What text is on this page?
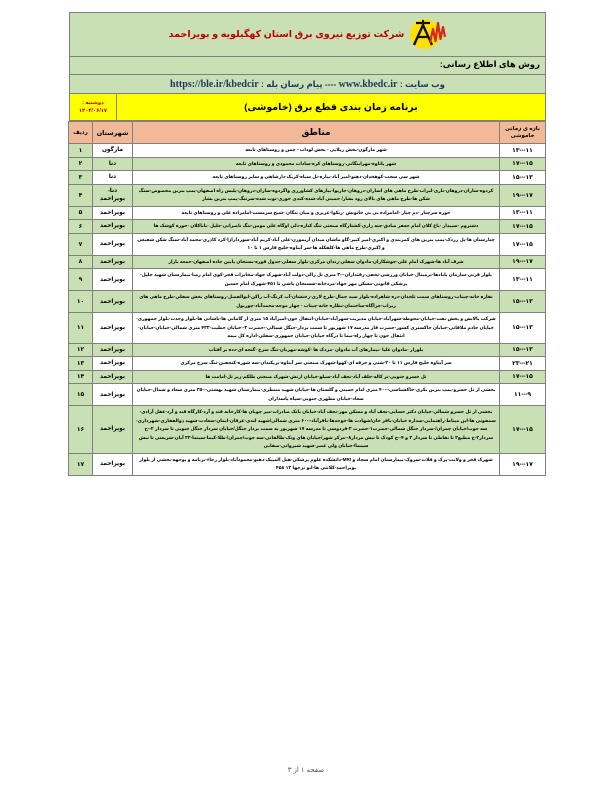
شرکت توزیع نیروی برق استان کهگیلویه و بویراحمد
روش های اطلاع رسانی:
وب سایت : www.kbedc.ir ---- پیام رسان بله : https://ble.ir/kbedcir
برنامه زمان بندی قطع برق (خاموشی)
دوشنبه :
۱۴۰۴/۰۶/۱۷
بازه ی زمانی خاموشی	مناطق	شهرستان	ردیف
۱۱---۱۳	شهر مارگون-بخش زیلایی - بخش لوداب - چمن و روستاهای تابعه	مارگون	۱
۱۵---۱۷	شهر پاتاوه-مهرابنگانی-روستاهای کره-سادات محمودی و روستاهای تابعه	دنا	۲
۱۳---۱۵	شهر سی سخت-کوهخدان-دهنو-امیر آباد-بیاره-تل سیاه-کریک-دارشاهی و سایر روستاهای تابعه	دنا	۳
۱۷---۱۹	کردوه-ساران-دروهان-ناری-لیراب-طرح ماهی های اساران-دروهان-جاریوا-بیازهای کشاورزی واگردوه-ساران-دروهان-پلیس راه اصفهان-پمپ بنزین مخصوص-سنگ شکن ها-طرح ماهی های بالای رود بشار/ خمینی آباد-شده-کندی خوری-نوت شده-سرتنگ-پمپ بنزین بشار	دنا- بویراحمد	۴
۱۱---۱۳	حوزه سرچنار -دم چنار -امامزاده بی بی خاتونش -زنکوا-عزیزی و میان تنگان -شیخ سرمست-امامزاده علی و روستاهای تابعه	بویراحمد	۵
۱۵---۱۷	دشتروم -سپیدار -باغ کلان امام جعفر صادق-چنه زاری-کشتارگاه صنعتی تنگ کناره-دلی اوگاه علی مومن-تنگ ناصرانی-جلیل -باباکلان -حوزه کوشک ها	بویراحمد	۶
۱۵---۱۷	چنارستان ها-پل زردک-پمپ بنزین های کمربندی و اکبری-امیر کبیر-گاو ماشان میدان آزیموزن-علی آباد-کریم آباد-سورداراژا-کرد کاذری-محمد آباد-سنگ شکن شفیعی و اکبری-طرح ماهی ها-کلفکله ها-سر آبتاوه-خلیج فارس ۱ تا ۱۰	بویراحمد	۷
۱۷---۱۹	شرف آباد ها-شهرک امام علی-جوشکاران-مادوان سفلی-زندان مرکزی-بلوار سفلی-جدول قوره-بستخان پایین جاده اصفهان-جمعه بازار	بویراحمد	۸
۱۱---۱۳	بلوار قرنی-سازمان بابادها-ترمینال-خیابان ورزشی-تخفی-رفتداران---۳ متری تل زالی-دولت آباد-شهرک جهاد-مخابرات فجر-کوی امام رضا-بیمارستان شهید جلیل-پزشکی قانونی-مسکن مهر جهاد-مردخانه-شستخان پاشی تا ۴۵۱-شهرک امام حسین	بویراحمد	۹
۱۳---۱۵	نقاره خانه-چیتاب-روستاهای سمت تلخدان-دره شاهزاده-بلوار سید جمال-طرح لاری-رختشان-آب کرنگ-آب راکن-ابوالفضل-روستاهای بخش سفلی-طرح ماهی های زیراب-چراگاه-ساختمان-نظاره خانه-چیتاب - چهار موجه-محمدآباد-چوریول	بویراحمد	۱۰
۱۳---۱۵	شرکت پالایش و پخش نفت-خیابان-محوطه-شهرآباد-خیابان مدیریت-شهرآباد-خیابان-انتقال خون-امیرآباد ۱۵ متری از گاماتی ها-تاشانی ها-بلوار وحدت-بلوار جمهوری-خیابان خادم ملاقاتی-خیابان خاکستری کشور-حضرت قاز مدرسه ۱۷ شهریور تا سمت بردار-جنگل شمالی--حضرت ۳--خیابان خطیب-۴۳۲ متری شمالی-خیابان-خیابان-انتقال خون تا چهار راه-نیما تا درگاه خیابان-خیابان جمهوری-سفلی-اداره کل بیمه	بویراحمد	۱۱
۱۳---۱۵	بلوزار -مادوان علیا -بیمارهای آب مادوان -مردک ها -کوشه-مهربان-تنگ سرخ -گنجه ای-دده بر آفتاب	بویراحمد	۱۲
۲۱---۲۳	سر آبتاوه خلیج فارس ۱۱ تا ۲۰-شنی و حرفه ای-کهوا-شهرک صنعتی سر آبتاوه-بریکندان-سه شوره-کنجفین-تنگ سرخ مرکزی	بویراحمد	۱۳
۱۵---۱۷	تل خسرو جنوبی-تر کاله-خلف آباد-نجف آباد-سیلو-خیابان ارتش-شهرک صنعتی ظلکم-زیر تل-امامت ها	بویراحمد	۱۴
۹---۱۱	بخشی از تل خسرو-پمپ بنزین بکری-خاکشناسی---۴۰ متری امام خمینی و گلستان ها-خیابان شهید منتظری-بیمارستان شهید بهشتی---۳۵ متری سعاد و شمال-خیابان سعاد-خیابان مطهری جنوبی-سپاه پاسداران	بویراحمد	۱۵
۱۵---۱۷	بخشی از تل خسرو شمالی-خیابان دکتر حسابی-نجف آباد و مسکن مهر-نجف آباد-خیابان بانک صادرات-میر چوبان ها-کارخانه قند و آرد-کارگاه قند و آرد-عقل آزادی-سمفونی ها-این میناط-راهنمایی-سداره خیابان-بافر خان/شهادت ها-خوجدها-باقرآباد---۶۰ متری شمالی/شهید لندی-عرفان-ایمان-سعادت-شهید ذوالفقاری-شهرداری-سه جوب/خیابان چمران/-سردار جنگل شمالی-حضرت۱-حضرت ۲-فردوسی تا مدرسه ۱۷ شهریور به سمت بردار جنگل/خیابان سردار جنگل جنوبی تا سردار ۲--خ سردار۲-خ مطیع۲ تا نقاطی تا سردار ۳ و ۴--خ کودک تا نبش مردار۸--مرکز شهر/خیابان های ونک-طالقانی-سه جوب/چمران/-طلا-کیما-سینما-۲۲ آبان-شریعتی تا نبش سینما/-خیابان ولی عصر-شهید شیروانی-صفایی	بویراحمد	۱۶
۱۷---۱۹	شهرک فخر و ولایت-پرک و قلات-سروک-بیمارستان امام سجاد و MRI-دانشکده علوم پزشکی-هتل المپیک-دهنو-محمودآباد-بلوار رجاء-برنامه و بوجهه-بخشی از بلوار بویراحمد-کلانتی ها-ابو نرجها ۱۲ ۴۵۸	بویراحمد	۱۷
صفحه ۱ از ۳
